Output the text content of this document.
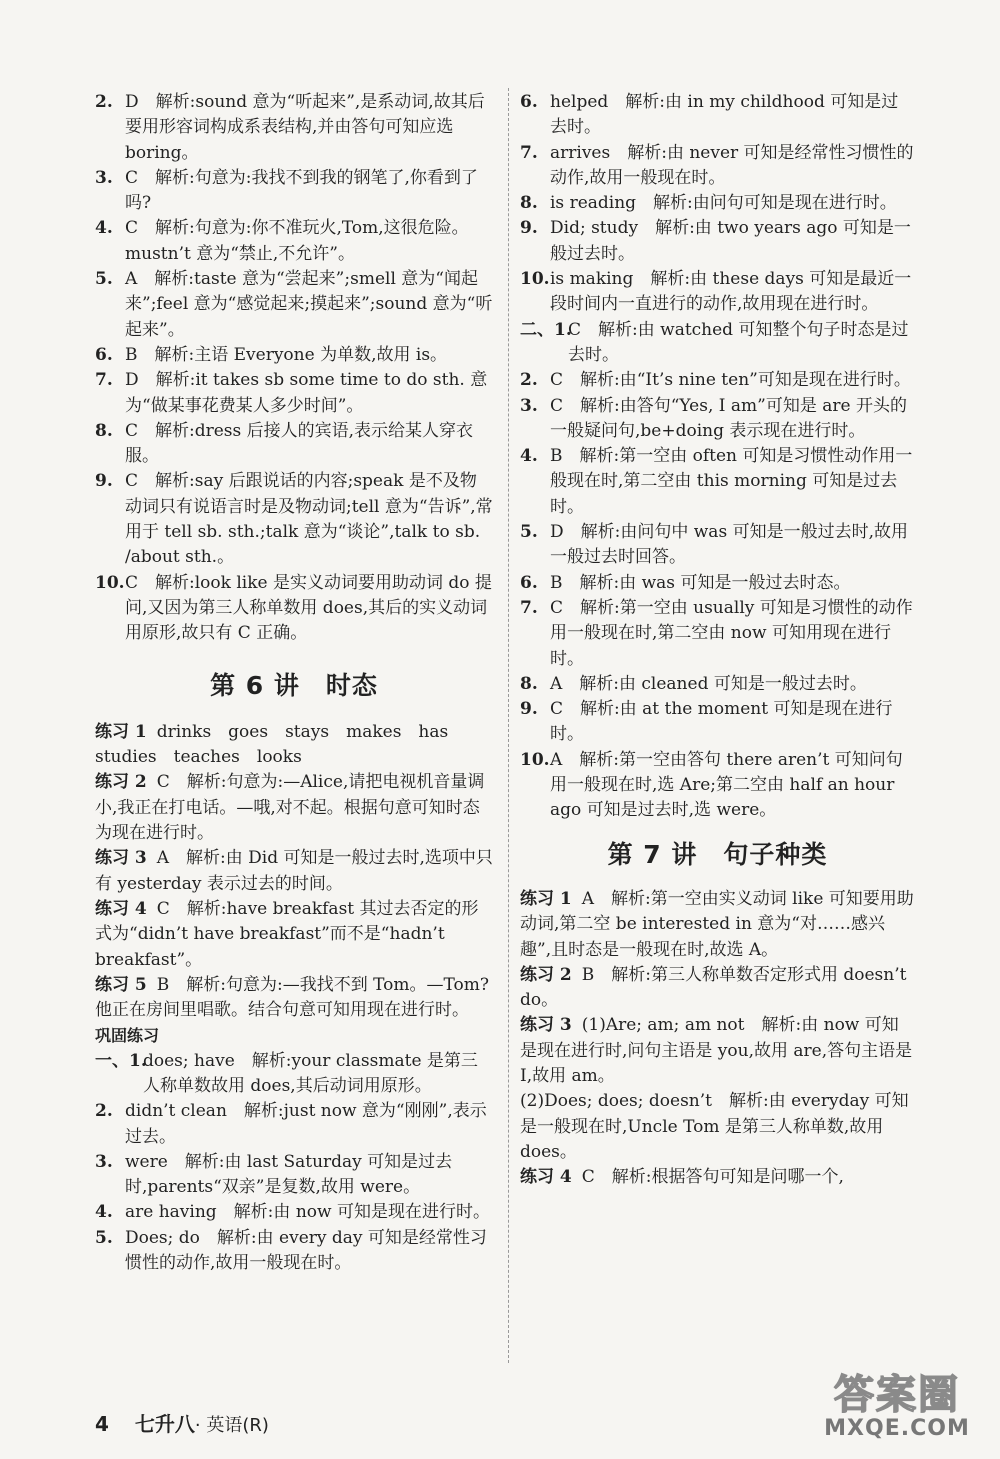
2. D　解析:sound 意为“听起来”,是系动词,故其后要用形容词构成系表结构,并由答句可知应选 boring。
3. C　解析:句意为:我找不到我的钢笔了,你看到了吗?
4. C　解析:句意为:你不准玩火,Tom,这很危险。mustn’t 意为“禁止,不允许”。
5. A　解析:taste 意为“尝起来”;smell 意为“闻起来”;feel 意为“感觉起来;摸起来”;sound 意为“听起来”。
6. B　解析:主语 Everyone 为单数,故用 is。
7. D　解析:it takes sb some time to do sth. 意为“做某事花费某人多少时间”。
8. C　解析:dress 后接人的宾语,表示给某人穿衣服。
9. C　解析:say 后跟说话的内容;speak 是不及物动词只有说语言时是及物动词;tell 意为“告诉”,常用于 tell sb. sth.;talk 意为“谈论”,talk to sb. /about sth.。
10. C　解析:look like 是实义动词要用助动词 do 提问,又因为第三人称单数用 does,其后的实义动词用原形,故只有 C 正确。
第 6 讲　时态
练习 1 drinks　goes　stays　makes　has studies　teaches　looks
练习 2 C　解析:句意为:—Alice,请把电视机音量调小,我正在打电话。—哦,对不起。根据句意可知时态为现在进行时。
练习 3 A　解析:由 Did 可知是一般过去时,选项中只有 yesterday 表示过去的时间。
练习 4 C　解析:have breakfast 其过去否定的形式为“didn’t have breakfast”而不是“hadn’t breakfast”。
练习 5 B　解析:句意为:—我找不到 Tom。—Tom? 他正在房间里唱歌。结合句意可知用现在进行时。
巩固练习
一、1.
does; have　解析:your classmate 是第三人称单数故用 does,其后动词用原形。
2. didn’t clean　解析:just now 意为“刚刚”,表示过去。
3. were　解析:由 last Saturday 可知是过去时,parents“双亲”是复数,故用 were。
4. are having　解析:由 now 可知是现在进行时。
5. Does; do　解析:由 every day 可知是经常性习惯性的动作,故用一般现在时。
6. helped　解析:由 in my childhood 可知是过去时。
7. arrives　解析:由 never 可知是经常性习惯性的动作,故用一般现在时。
8. is reading　解析:由问句可知是现在进行时。
9. Did; study　解析:由 two years ago 可知是一般过去时。
10. is making　解析:由 these days 可知是最近一段时间内一直进行的动作,故用现在进行时。
二、1.
C　解析:由 watched 可知整个句子时态是过去时。
2. C　解析:由“It’s nine ten”可知是现在进行时。
3. C　解析:由答句“Yes, I am”可知是 are 开头的一般疑问句,be+doing 表示现在进行时。
4. B　解析:第一空由 often 可知是习惯性动作用一般现在时,第二空由 this morning 可知是过去时。
5. D　解析:由问句中 was 可知是一般过去时,故用一般过去时回答。
6. B　解析:由 was 可知是一般过去时态。
7. C　解析:第一空由 usually 可知是习惯性的动作用一般现在时,第二空由 now 可知用现在进行时。
8. A　解析:由 cleaned 可知是一般过去时。
9. C　解析:由 at the moment 可知是现在进行时。
10. A　解析:第一空由答句 there aren’t 可知问句用一般现在时,选 Are;第二空由 half an hour ago 可知是过去时,选 were。
第 7 讲　句子种类
练习 1 A　解析:第一空由实义动词 like 可知要用助动词,第二空 be interested in 意为“对……感兴趣”,且时态是一般现在时,故选 A。
练习 2 B　解析:第三人称单数否定形式用 doesn’t do。
练习 3 (1)Are; am; am not　解析:由 now 可知是现在进行时,问句主语是 you,故用 are,答句主语是 I,故用 am。
(2)Does; does; doesn’t　解析:由 everyday 可知是一般现在时,Uncle Tom 是第三人称单数,故用 does。
练习 4 C　解析:根据答句可知是问哪一个,
4 七升八· 英语(R)
答案圈
MXQE.COM
